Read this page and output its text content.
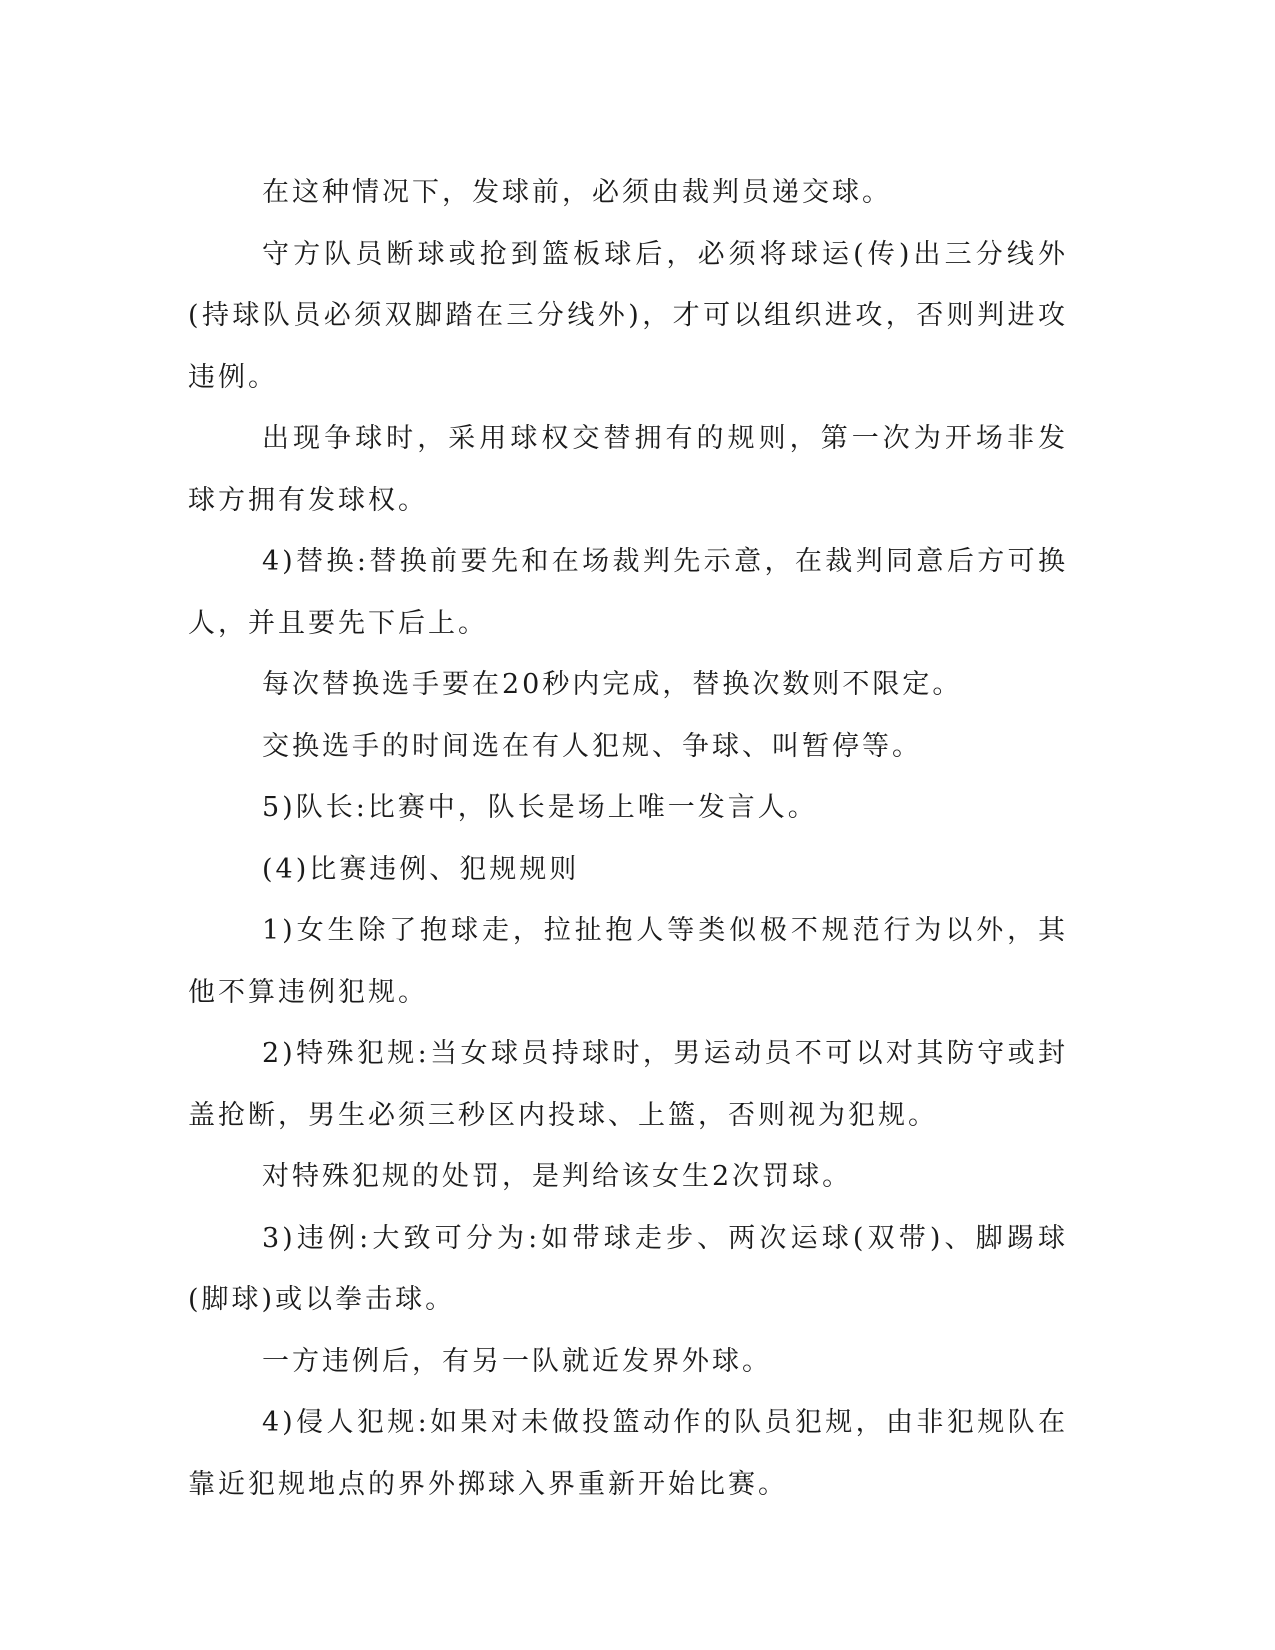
在这种情况下，发球前，必须由裁判员递交球。

守方队员断球或抢到篮板球后，必须将球运(传)出三分线外(持球队员必须双脚踏在三分线外)，才可以组织进攻，否则判进攻违例。

出现争球时，采用球权交替拥有的规则，第一次为开场非发球方拥有发球权。

4)替换:替换前要先和在场裁判先示意，在裁判同意后方可换人，并且要先下后上。

每次替换选手要在20秒内完成，替换次数则不限定。

交换选手的时间选在有人犯规、争球、叫暂停等。

5)队长:比赛中，队长是场上唯一发言人。

(4)比赛违例、犯规规则

1)女生除了抱球走，拉扯抱人等类似极不规范行为以外，其他不算违例犯规。

2)特殊犯规:当女球员持球时，男运动员不可以对其防守或封盖抢断，男生必须三秒区内投球、上篮，否则视为犯规。

对特殊犯规的处罚，是判给该女生2次罚球。

3)违例:大致可分为:如带球走步、两次运球(双带)、脚踢球(脚球)或以拳击球。

一方违例后，有另一队就近发界外球。

4)侵人犯规:如果对未做投篮动作的队员犯规，由非犯规队在靠近犯规地点的界外掷球入界重新开始比赛。
